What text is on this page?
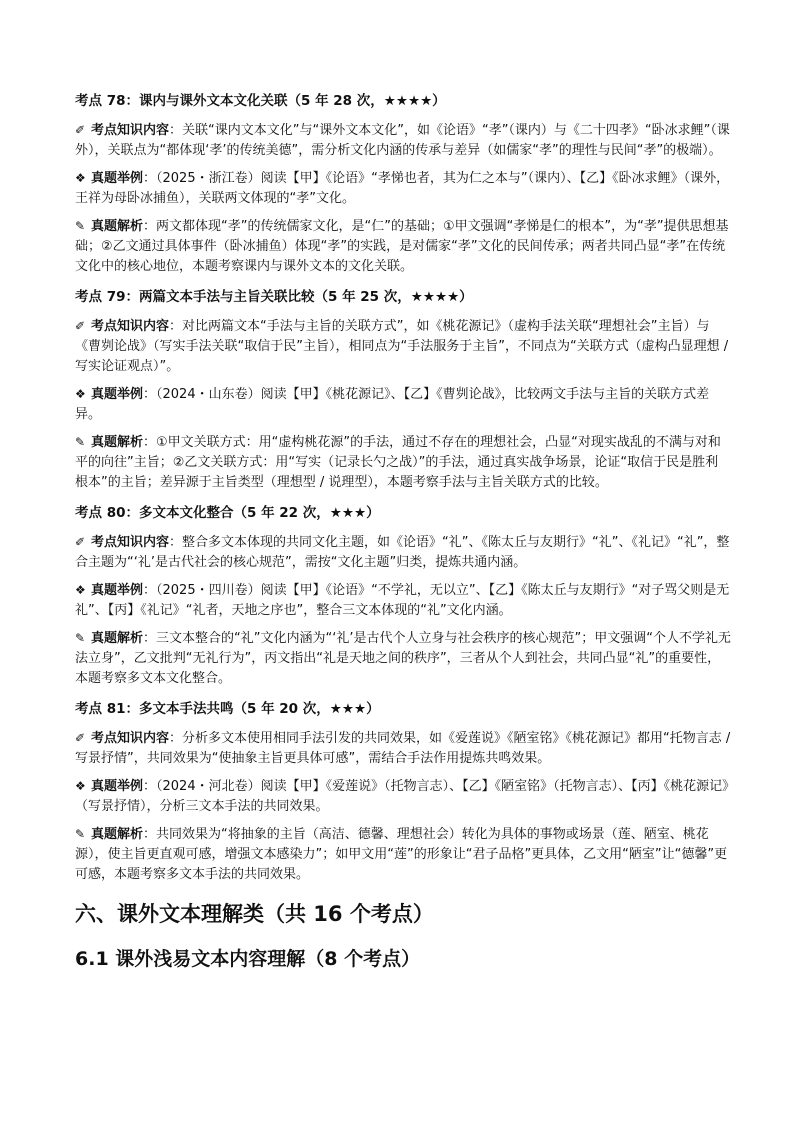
考点 78：课内与课外文本文化关联（5 年 28 次，★★★★）
✐ 考点知识内容：关联“课内文本文化”与“课外文本文化”，如《论语》“孝”（课内）与《二十四孝》“卧冰求鲤”（课外），关联点为“都体现‘孝’的传统美德”，需分析文化内涵的传承与差异（如儒家“孝”的理性与民间“孝”的极端）。
❖ 真题举例：（2025・浙江卷）阅读【甲】《论语》“孝悌也者，其为仁之本与”（课内）、【乙】《卧冰求鲤》（课外，王祥为母卧冰捕鱼），关联两文体现的“孝”文化。
✎ 真题解析：两文都体现“孝”的传统儒家文化，是“仁”的基础；①甲文强调“孝悌是仁的根本”，为“孝”提供思想基础；②乙文通过具体事件（卧冰捕鱼）体现“孝”的实践，是对儒家“孝”文化的民间传承；两者共同凸显“孝”在传统文化中的核心地位，本题考察课内与课外文本的文化关联。
考点 79：两篇文本手法与主旨关联比较（5 年 25 次，★★★★）
✐ 考点知识内容：对比两篇文本“手法与主旨的关联方式”，如《桃花源记》（虚构手法关联“理想社会”主旨）与《曹刿论战》（写实手法关联“取信于民”主旨），相同点为“手法服务于主旨”，不同点为“关联方式（虚构凸显理想 / 写实论证观点）”。
❖ 真题举例：（2024・山东卷）阅读【甲】《桃花源记》、【乙】《曹刿论战》，比较两文手法与主旨的关联方式差异。
✎ 真题解析：①甲文关联方式：用“虚构桃花源”的手法，通过不存在的理想社会，凸显“对现实战乱的不满与对和平的向往”主旨；②乙文关联方式：用“写实（记录长勺之战）”的手法，通过真实战争场景，论证“取信于民是胜利根本”的主旨；差异源于主旨类型（理想型 / 说理型），本题考察手法与主旨关联方式的比较。
考点 80：多文本文化整合（5 年 22 次，★★★）
✐ 考点知识内容：整合多文本体现的共同文化主题，如《论语》“礼”、《陈太丘与友期行》“礼”、《礼记》“礼”，整合主题为“‘礼’是古代社会的核心规范”，需按“文化主题”归类，提炼共通内涵。
❖ 真题举例：（2025・四川卷）阅读【甲】《论语》“不学礼，无以立”、【乙】《陈太丘与友期行》“对子骂父则是无礼”、【丙】《礼记》“礼者，天地之序也”，整合三文本体现的“礼”文化内涵。
✎ 真题解析：三文本整合的“礼”文化内涵为“‘礼’是古代个人立身与社会秩序的核心规范”；甲文强调“个人不学礼无法立身”，乙文批判“无礼行为”，丙文指出“礼是天地之间的秩序”，三者从个人到社会，共同凸显“礼”的重要性，本题考察多文本文化整合。
考点 81：多文本手法共鸣（5 年 20 次，★★★）
✐ 考点知识内容：分析多文本使用相同手法引发的共同效果，如《爱莲说》《陋室铭》《桃花源记》都用“托物言志 / 写景抒情”，共同效果为“使抽象主旨更具体可感”，需结合手法作用提炼共鸣效果。
❖ 真题举例：（2024・河北卷）阅读【甲】《爱莲说》（托物言志）、【乙】《陋室铭》（托物言志）、【丙】《桃花源记》（写景抒情），分析三文本手法的共同效果。
✎ 真题解析：共同效果为“将抽象的主旨（高洁、德馨、理想社会）转化为具体的事物或场景（莲、陋室、桃花源），使主旨更直观可感，增强文本感染力”；如甲文用“莲”的形象让“君子品格”更具体，乙文用“陋室”让“德馨”更可感，本题考察多文本手法的共同效果。
六、课外文本理解类（共 16 个考点）
6.1 课外浅易文本内容理解（8 个考点）
